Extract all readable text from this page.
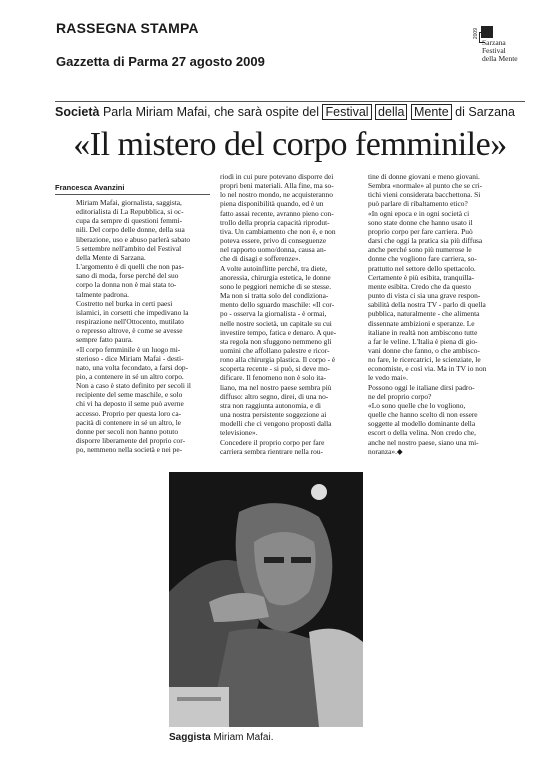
RASSEGNA STAMPA
Gazzetta di Parma 27 agosto 2009
2009
Sarzana
Festival
della Mente
Società Parla Miriam Mafai, che sarà ospite del Festival della Mente di Sarzana
«Il mistero del corpo femminile»
Francesca Avanzini

Miriam Mafai, giornalista, saggista,

editorialista di La Repubblica, si oc-

cupa da sempre di questioni femmi-

nili. Del corpo delle donne, della sua

liberazione, uso e abuso parlerà sabato

5 settembre nell'ambito del Festival

della Mente di Sarzana.

L'argomento è di quelli che non pas-

sano di moda, forse perché del suo

corpo la donna non è mai stata to-

talmente padrona.

Costretto nel burka in certi paesi

islamici, in corsetti che impedivano la

respirazione nell'Ottocento, mutilato

o represso altrove, è come se avesse

sempre fatto paura.

«Il corpo femminile è un luogo mi-

sterioso - dice Miriam Mafai - desti-

nato, una volta fecondato, a farsi dop-

pio, a contenere in sé un altro corpo.

Non a caso è stato definito per secoli il

recipiente del seme maschile, e solo

chi vi ha deposto il seme può averne

accesso. Proprio per questa loro ca-

pacità di contenere in sé un altro, le

donne per secoli non hanno potuto

disporre liberamente del proprio cor-

po, nemmeno nella società e nei pe-

riodi in cui pure potevano disporre dei

propri beni materiali. Alla fine, ma so-

lo nel nostro mondo, ne acquisteranno

piena disponibilità quando, ed è un

fatto assai recente, avranno pieno con-

trollo della propria capacità riprodut-

tiva. Un cambiamento che non è, e non

poteva essere, privo di conseguenze

nel rapporto uomo/donna, causa an-

che di disagi e sofferenze».

A volte autoinflitte perché, tra diete,

anoressia, chirurgia estetica, le donne

sono le peggiori nemiche di se stesse.

Ma non si tratta solo del condiziona-

mento dello sguardo maschile: «Il cor-

po - osserva la giornalista - è ormai,

nelle nostre società, un capitale su cui

investire tempo, fatica e denaro. A que-

sta regola non sfuggono nemmeno gli

uomini che affollano palestre e ricor-

rono alla chirurgia plastica. Il corpo - è

scoperta recente - si può, si deve mo-

dificare. Il fenomeno non è solo ita-

liano, ma nel nostro paese sembra più

diffuso: altro segno, direi, di una no-

stra non raggiunta autonomia, e di

una nostra persistente soggezione ai

modelli che ci vengono proposti dalla

televisione».

Concedere il proprio corpo per fare

carriera sembra rientrare nella rou-

tine di donne giovani e meno giovani.

Sembra «normale» al punto che se cri-

tichi vieni considerata bacchettona. Si

può parlare di ribaltamento etico?

«In ogni epoca e in ogni società ci

sono state donne che hanno usato il

proprio corpo per fare carriera. Può

darsi che oggi la pratica sia più diffusa

anche perché sono più numerose le

donne che vogliono fare carriera, so-

prattutto nel settore dello spettacolo.

Certamente è più esibita, tranquilla-

mente esibita. Credo che da questo

punto di vista ci sia una grave respon-

sabilità della nostra TV - parlo di quella

pubblica, naturalmente - che alimenta

dissennate ambizioni e speranze. Le

italiane in realtà non ambiscono tutte

a far le veline. L'Italia è piena di gio-

vani donne che fanno, o che ambisco-

no fare, le ricercatrici, le scienziate, le

economiste, e così via. Ma in TV io non

le vedo mai».

Possono oggi le italiane dirsi padro-

ne del proprio corpo?

«Lo sono quelle che lo vogliono,

quelle che hanno scelto di non essere

soggette al modello dominante della

escort o della velina. Non credo che,

anche nel nostro paese, siano una mi-

noranza».◆

Saggista Miriam Mafai.
